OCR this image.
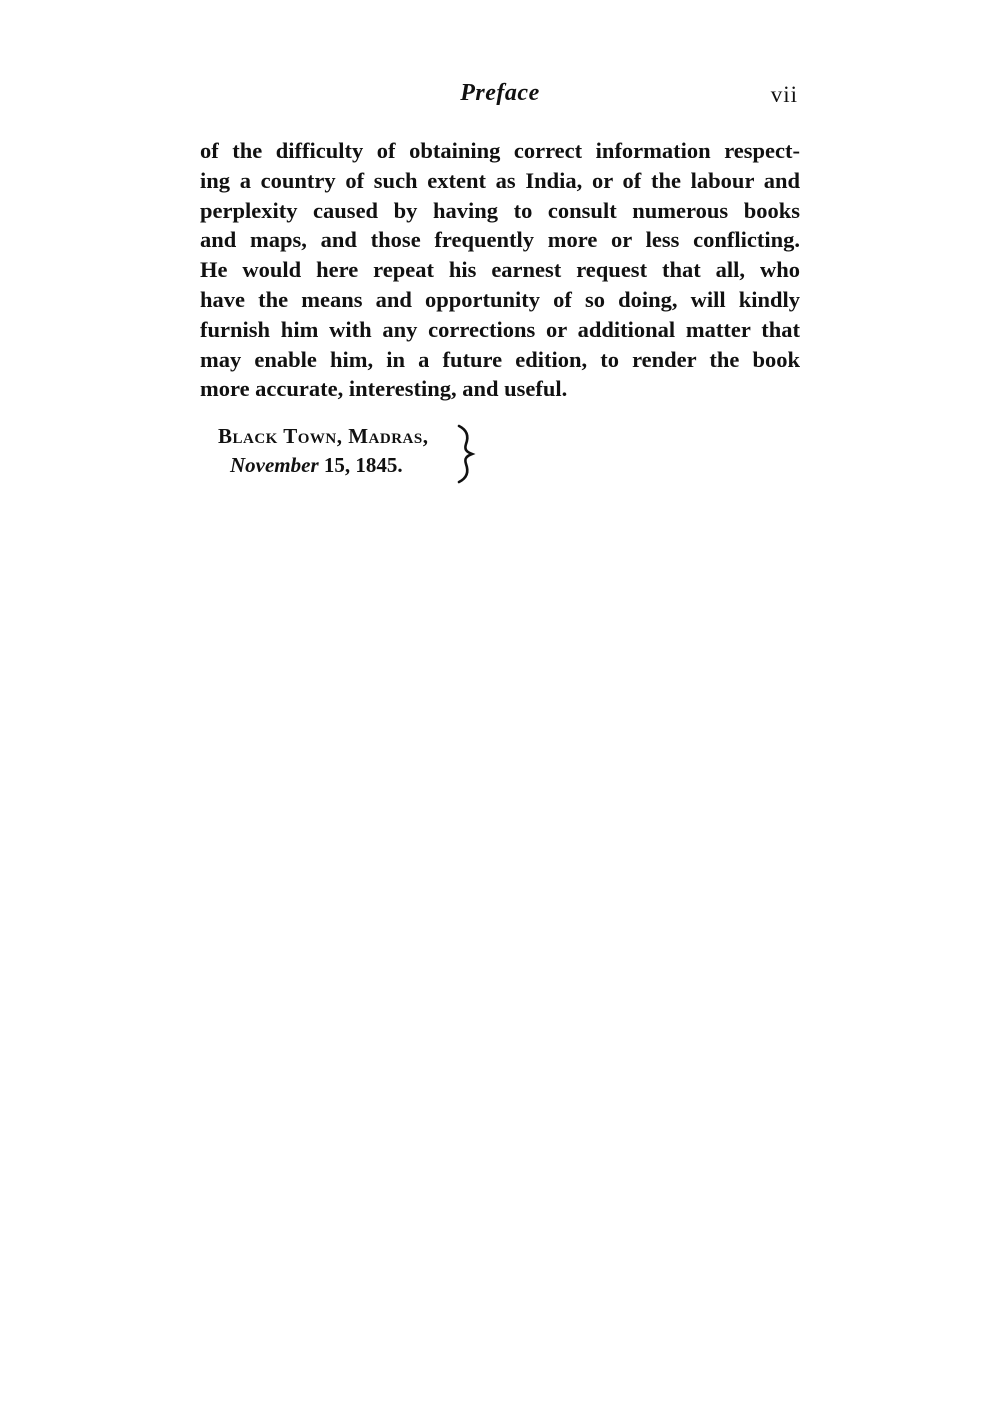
Preface	vii
of the difficulty of obtaining correct information respect-
ing a country of such extent as India, or of the labour and
perplexity caused by having to consult numerous books
and maps, and those frequently more or less conflicting.
He would here repeat his earnest request that all, who
have the means and opportunity of so doing, will kindly
furnish him with any corrections or additional matter that
may enable him, in a future edition, to render the book
more accurate, interesting, and useful.
Black Town, Madras,
November 15, 1845.
